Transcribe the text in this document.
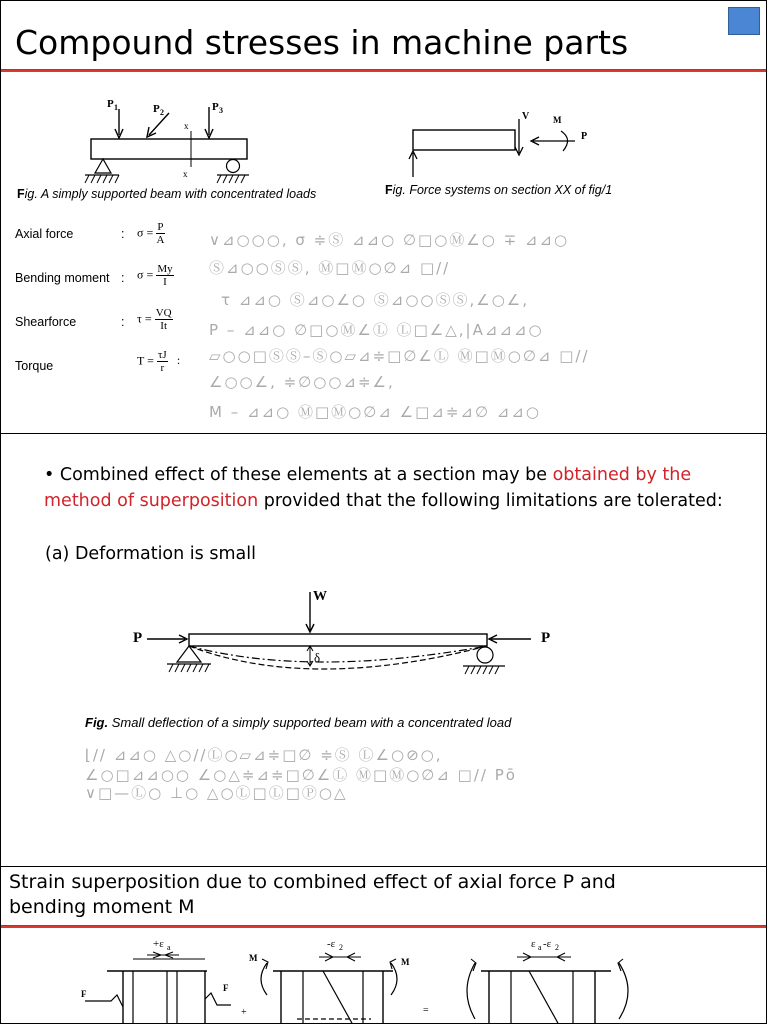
Compound stresses in machine parts
P 1	P 2	P 3
x
x
Fig. A simply supported beam with concentrated loads
V	M
P
Fig. Force systems on section XX of fig/1
Axial force	: $\sigma = \frac{P}{A}$
Bending moment : $\sigma = \frac{My}{I}$
Shearforce	: $\tau = \frac{VQ}{It}$
Torque	$T = \frac{\tau J}{r}$ :
∨⊿○○○, σ ≑Ⓢ ⊿⊿○ ∅□○Ⓜ∠○ ∓ ⊿⊿○
Ⓢ⊿○○ⓈⓈ, Ⓜ□Ⓜ○∅⊿ □//
τ ⊿⊿○ Ⓢ⊿○∠○ Ⓢ⊿○○ⓈⓈ,∠○∠,
P – ⊿⊿○ ∅□○Ⓜ∠Ⓛ Ⓛ□∠△,|A⊿⊿⊿○
▱○○□ⓈⓈ–Ⓢ○▱⊿≑□∅∠Ⓛ Ⓜ□Ⓜ○∅⊿ □//
∠○○∠, ≑∅○○⊿≑∠,
M – ⊿⊿○ Ⓜ□Ⓜ○∅⊿ ∠□⊿≑⊿∅ ⊿⊿○
• Combined effect of these elements at a section may be obtained by the method of superposition provided that the following limitations are tolerated:
(a) Deformation is small
W
P	P
δ
Fig. Small deflection of a simply supported beam with a concentrated load
⌊// ⊿⊿○ △○//Ⓛ○▱⊿≑□∅ ≑Ⓢ Ⓛ∠○⊘○,
∠○□⊿⊿○○ ∠○△≑⊿≑□∅∠Ⓛ Ⓜ□Ⓜ○∅⊿ □// Pō
∨□—Ⓛ○ ⊥○ △○Ⓛ□Ⓛ□Ⓟ○△
Strain superposition due to combined effect of axial force P and
bending moment M
+ε a
F
F
+
-ε 2
M	M
=
ε a -ε 2
